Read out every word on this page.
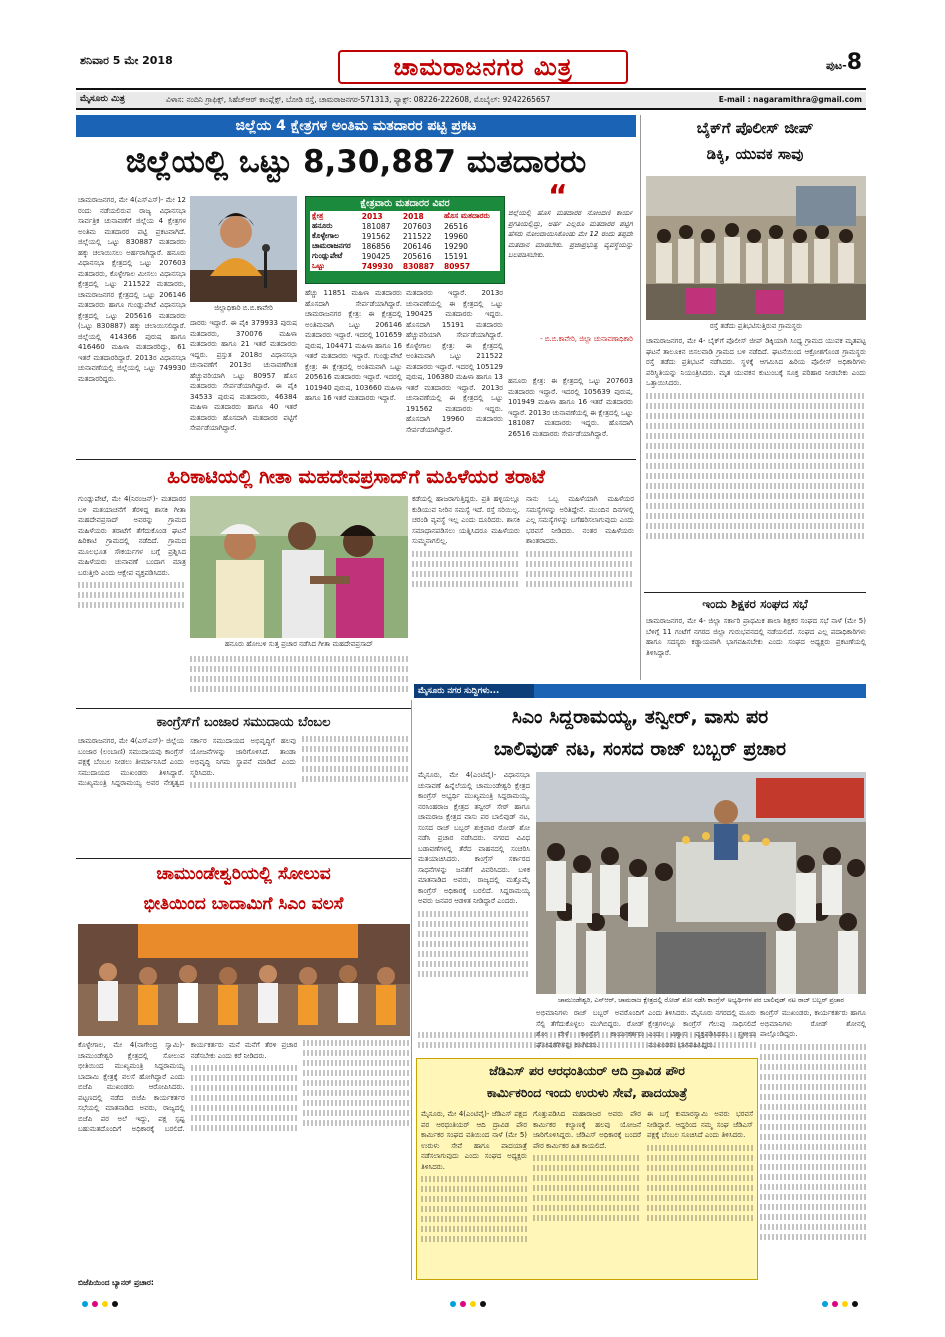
ಶನಿವಾರ 5 ಮೇ 2018	ಚಾಮರಾಜನಗರ ಮಿತ್ರ	ಪುಟ-8
ಮೈಸೂರು ಮಿತ್ರ	ವಿಳಾಸ: ನಂದಿನಿ ಗ್ರಾಫಿಕ್ಸ್, ಸಿಹೆಚ್‌ಆರ್ ಕಾಂಪ್ಲೆಕ್ಸ್, ಬೋಡಿ ರಸ್ತೆ, ಚಾಮರಾಜನಗರ-571313, ಫ್ಯಾಕ್ಸ್: 08226-222608, ಮೊಬೈಲ್: 9242265657	E-mail : nagaramithra@gmail.com
ಜಿಲ್ಲೆಯ 4 ಕ್ಷೇತ್ರಗಳ ಅಂತಿಮ ಮತದಾರರ ಪಟ್ಟಿ ಪ್ರಕಟ
ಜಿಲ್ಲೆಯಲ್ಲಿ ಒಟ್ಟು 8,30,887 ಮತದಾರರು

ಚಾಮರಾಜನಗರ, ಮೇ 4(ಎಸ್‌ಎಸ್)- ಮೇ 12 ರಂದು ನಡೆಯಲಿರುವ ರಾಜ್ಯ ವಿಧಾನಸಭಾ ಸಾರ್ವತ್ರಿಕ ಚುನಾವಣೆಗೆ ಜಿಲ್ಲೆಯ 4 ಕ್ಷೇತ್ರಗಳ ಅಂತಿಮ ಮತದಾರರ ಪಟ್ಟಿ ಪ್ರಕಟವಾಗಿದೆ. ಜಿಲ್ಲೆಯಲ್ಲಿ ಒಟ್ಟು 830887 ಮತದಾರರು ಹಕ್ಕು ಚಲಾಯಿಸಲು ಅರ್ಹರಾಗಿದ್ದಾರೆ. ಹನೂರು ವಿಧಾನಸಭಾ ಕ್ಷೇತ್ರದಲ್ಲಿ ಒಟ್ಟು 207603 ಮತದಾರರು, ಕೊಳ್ಳೇಗಾಲ ಮೀಸಲು ವಿಧಾನಸಭಾ ಕ್ಷೇತ್ರದಲ್ಲಿ ಒಟ್ಟು 211522 ಮತದಾರರು, ಚಾಮರಾಜನಗರ ಕ್ಷೇತ್ರದಲ್ಲಿ ಒಟ್ಟು 206146 ಮತದಾರರು ಹಾಗೂ ಗುಂಡ್ಲುಪೇಟೆ ವಿಧಾನಸಭಾ ಕ್ಷೇತ್ರದಲ್ಲಿ ಒಟ್ಟು 205616 ಮತದಾರರು (ಒಟ್ಟು 830887) ಹಕ್ಕು ಚಲಾಯಿಸಲಿದ್ದಾರೆ. ಜಿಲ್ಲೆಯಲ್ಲಿ 414366 ಪುರುಷ ಹಾಗೂ 416460 ಮಹಿಳಾ ಮತದಾರರಿದ್ದು, 61 ಇತರೆ ಮತದಾರರಿದ್ದಾರೆ. 2013ರ ವಿಧಾನಸಭಾ ಚುನಾವಣೆಯಲ್ಲಿ ಜಿಲ್ಲೆಯಲ್ಲಿ ಒಟ್ಟು 749930 ಮತದಾರರಿದ್ದರು.

ಜಿಲ್ಲಾಧಿಕಾರಿ ಬಿ.ಬಿ.ಕಾವೇರಿ

ದಾರರು ಇದ್ದಾರೆ. ಈ ಪೈಕಿ 379933 ಪುರುಷ ಮತದಾರರು, 370076 ಮಹಿಳಾ ಮತದಾರರು ಹಾಗೂ 21 ಇತರೆ ಮತದಾರರು ಇದ್ದರು. ಪ್ರಸ್ತುತ 2018ರ ವಿಧಾನಸಭಾ ಚುನಾವಣೆಗೆ 2013ರ ಚುನಾವಣೆಗಿಂತ ಹೆಚ್ಚುವರಿಯಾಗಿ ಒಟ್ಟು 80957 ಹೊಸ ಮತದಾರರು ಸೇರ್ಪಡೆಯಾಗಿದ್ದಾರೆ. ಈ ಪೈಕಿ 34533 ಪುರುಷ ಮತದಾರರು, 46384 ಮಹಿಳಾ ಮತದಾರರು ಹಾಗೂ 40 ಇತರೆ ಮತದಾರರು ಹೊಸದಾಗಿ ಮತದಾರರ ಪಟ್ಟಿಗೆ ಸೇರ್ಪಡೆಯಾಗಿದ್ದಾರೆ.

ಕ್ಷೇತ್ರವಾರು ಮತದಾರರ ವಿವರ
ಕ್ಷೇತ್ರ	2013	2018	ಹೊಸ ಮತದಾರರು
ಹನೂರು	181087	207603	26516
ಕೊಳ್ಳೇಗಾಲ	191562	211522	19960
ಚಾಮರಾಜನಗರ	186856	206146	19290
ಗುಂಡ್ಲುಪೇಟೆ	190425	205616	15191
ಒಟ್ಟು	749930	830887	80957

ಹೆಚ್ಚು 11851 ಮಹಿಳಾ ಮತದಾರರು ಹೊಸದಾಗಿ ಸೇರ್ಪಡೆಯಾಗಿದ್ದಾರೆ. ಚಾಮರಾಜನಗರ ಕ್ಷೇತ್ರ: ಈ ಕ್ಷೇತ್ರದಲ್ಲಿ ಅಂತಿಮವಾಗಿ ಒಟ್ಟು 206146 ಮತದಾರರು ಇದ್ದಾರೆ. ಇದರಲ್ಲಿ 101659 ಪುರುಷ, 104471 ಮಹಿಳಾ ಹಾಗೂ 16 ಇತರೆ ಮತದಾರರು ಇದ್ದಾರೆ. ಗುಂಡ್ಲುಪೇಟೆ ಕ್ಷೇತ್ರ: ಈ ಕ್ಷೇತ್ರದಲ್ಲಿ ಅಂತಿಮವಾಗಿ ಒಟ್ಟು 205616 ಮತದಾರರು ಇದ್ದಾರೆ. ಇದರಲ್ಲಿ 101940 ಪುರುಷ, 103660 ಮಹಿಳಾ ಹಾಗೂ 16 ಇತರೆ ಮತದಾರರು ಇದ್ದಾರೆ.

ಮತದಾರರು ಇದ್ದಾರೆ. 2013ರ ಚುನಾವಣೆಯಲ್ಲಿ ಈ ಕ್ಷೇತ್ರದಲ್ಲಿ ಒಟ್ಟು 190425 ಮತದಾರರು ಇದ್ದರು. ಹೊಸದಾಗಿ 15191 ಮತದಾರರು ಹೆಚ್ಚುವರಿಯಾಗಿ ಸೇರ್ಪಡೆಯಾಗಿದ್ದಾರೆ. ಕೊಳ್ಳೇಗಾಲ ಕ್ಷೇತ್ರ: ಈ ಕ್ಷೇತ್ರದಲ್ಲಿ ಅಂತಿಮವಾಗಿ ಒಟ್ಟು 211522 ಮತದಾರರು ಇದ್ದಾರೆ. ಇದರಲ್ಲಿ 105129 ಪುರುಷ, 106380 ಮಹಿಳಾ ಹಾಗೂ 13 ಇತರೆ ಮತದಾರರು ಇದ್ದಾರೆ. 2013ರ ಚುನಾವಣೆಯಲ್ಲಿ ಈ ಕ್ಷೇತ್ರದಲ್ಲಿ ಒಟ್ಟು 191562 ಮತದಾರರು ಇದ್ದರು. ಹೊಸದಾಗಿ 19960 ಮತದಾರರು ಸೇರ್ಪಡೆಯಾಗಿದ್ದಾರೆ.

“

ಜಿಲ್ಲೆಯಲ್ಲಿ ಹೊಸ ಮತದಾರರ ನೋಂದಣಿ ಕಾರ್ಯ ಪ್ರಗತಿಯಲ್ಲಿದ್ದು, ಅರ್ಹ ಎಲ್ಲರೂ ಮತದಾರರ ಪಟ್ಟಿಗೆ ಹೆಸರು ನೋಂದಾಯಿಸಿಕೊಂಡು ಮೇ 12 ರಂದು ತಪ್ಪದೇ ಮತದಾನ ಮಾಡಬೇಕು. ಪ್ರಜಾಪ್ರಭುತ್ವ ವ್ಯವಸ್ಥೆಯನ್ನು ಬಲಪಡಿಸಬೇಕು.

- ಬಿ.ಬಿ.ಕಾವೇರಿ, ಜಿಲ್ಲಾ ಚುನಾವಣಾಧಿಕಾರಿ

ಹನೂರು ಕ್ಷೇತ್ರ: ಈ ಕ್ಷೇತ್ರದಲ್ಲಿ ಒಟ್ಟು 207603 ಮತದಾರರು ಇದ್ದಾರೆ. ಇದರಲ್ಲಿ 105639 ಪುರುಷ, 101949 ಮಹಿಳಾ ಹಾಗೂ 16 ಇತರೆ ಮತದಾರರು ಇದ್ದಾರೆ. 2013ರ ಚುನಾವಣೆಯಲ್ಲಿ ಈ ಕ್ಷೇತ್ರದಲ್ಲಿ ಒಟ್ಟು 181087 ಮತದಾರರು ಇದ್ದರು. ಹೊಸದಾಗಿ 26516 ಮತದಾರರು ಸೇರ್ಪಡೆಯಾಗಿದ್ದಾರೆ.

ಹಿರಿಕಾಟಿಯಲ್ಲಿ ಗೀತಾ ಮಹದೇವಪ್ರಸಾದ್‌ಗೆ ಮಹಿಳೆಯರ ತರಾಟೆ

ಗುಂಡ್ಲುಪೇಟೆ, ಮೇ 4(ನಿರಂಜನ್)- ಮತದಾರರ ಬಳಿ ಮತಯಾಚನೆಗೆ ತೆರಳಿದ್ದ ಶಾಸಕಿ ಗೀತಾ ಮಹದೇವಪ್ರಸಾದ್ ಅವರನ್ನು ಗ್ರಾಮದ ಮಹಿಳೆಯರು ತರಾಟೆಗೆ ತೆಗೆದುಕೊಂಡ ಘಟನೆ ಹಿರಿಕಾಟಿ ಗ್ರಾಮದಲ್ಲಿ ನಡೆದಿದೆ. ಗ್ರಾಮದ ಮೂಲಭೂತ ಸೌಕರ್ಯಗಳ ಬಗ್ಗೆ ಪ್ರಶ್ನಿಸಿದ ಮಹಿಳೆಯರು ಚುನಾವಣೆ ಬಂದಾಗ ಮಾತ್ರ ಬರುತ್ತೀರಿ ಎಂದು ಆಕ್ಷೇಪ ವ್ಯಕ್ತಪಡಿಸಿದರು.

ಹನೂರು ಹೋಬಳಿ ಸುತ್ತ ಪ್ರಚಾರ ನಡೆಸಿದ ಗೀತಾ ಮಹದೇವಪ್ರಸಾದ್

ಕಡೆಯಲ್ಲಿ ಹಾಜರಾಗುತ್ತಿದ್ದರು. ಪ್ರತಿ ಹಳ್ಳಿಯಲ್ಲೂ ಕುಡಿಯುವ ನೀರಿನ ಸಮಸ್ಯೆ ಇದೆ. ರಸ್ತೆ ಸರಿಯಿಲ್ಲ. ಚರಂಡಿ ವ್ಯವಸ್ಥೆ ಇಲ್ಲ ಎಂದು ದೂರಿದರು. ಶಾಸಕಿ ಸಮಾಧಾನಪಡಿಸಲು ಯತ್ನಿಸಿದರೂ ಮಹಿಳೆಯರು ಸುಮ್ಮನಾಗಲಿಲ್ಲ.

ನಾನು ಒಬ್ಬ ಮಹಿಳೆಯಾಗಿ ಮಹಿಳೆಯರ ಸಮಸ್ಯೆಗಳನ್ನು ಅರಿತಿದ್ದೇನೆ. ಮುಂದಿನ ದಿನಗಳಲ್ಲಿ ಎಲ್ಲ ಸಮಸ್ಯೆಗಳನ್ನು ಬಗೆಹರಿಸಲಾಗುವುದು ಎಂದು ಭರವಸೆ ನೀಡಿದರು. ನಂತರ ಮಹಿಳೆಯರು ಶಾಂತರಾದರು.

ಕಾಂಗ್ರೆಸ್‌ಗೆ ಬಂಜಾರ ಸಮುದಾಯ ಬೆಂಬಲ

ಚಾಮರಾಜನಗರ, ಮೇ 4(ಎಸ್‌ಎಸ್)- ಜಿಲ್ಲೆಯ ಬಂಜಾರ (ಲಂಬಾಣಿ) ಸಮುದಾಯವು ಕಾಂಗ್ರೆಸ್ ಪಕ್ಷಕ್ಕೆ ಬೆಂಬಲ ನೀಡಲು ತೀರ್ಮಾನಿಸಿದೆ ಎಂದು ಸಮುದಾಯದ ಮುಖಂಡರು ತಿಳಿಸಿದ್ದಾರೆ. ಮುಖ್ಯಮಂತ್ರಿ ಸಿದ್ದರಾಮಯ್ಯ ಅವರ ನೇತೃತ್ವದ ಸರ್ಕಾರ ಸಮುದಾಯದ ಅಭಿವೃದ್ಧಿಗೆ ಹಲವು ಯೋಜನೆಗಳನ್ನು ಜಾರಿಗೊಳಿಸಿದೆ. ತಾಂಡಾ ಅಭಿವೃದ್ಧಿ ನಿಗಮ ಸ್ಥಾಪನೆ ಮಾಡಿದೆ ಎಂದು ಸ್ಮರಿಸಿದರು.

ಚಾಮುಂಡೇಶ್ವರಿಯಲ್ಲಿ ಸೋಲುವ
ಭೀತಿಯಿಂದ ಬಾದಾಮಿಗೆ ಸಿಎಂ ವಲಸೆ

ಕೊಳ್ಳೇಗಾಲ, ಮೇ 4(ನಾಗೇಂದ್ರ ಸ್ವಾಮಿ)- ಚಾಮುಂಡೇಶ್ವರಿ ಕ್ಷೇತ್ರದಲ್ಲಿ ಸೋಲುವ ಭೀತಿಯಿಂದ ಮುಖ್ಯಮಂತ್ರಿ ಸಿದ್ದರಾಮಯ್ಯ ಬಾದಾಮಿ ಕ್ಷೇತ್ರಕ್ಕೆ ವಲಸೆ ಹೋಗಿದ್ದಾರೆ ಎಂದು ಬಿಜೆಪಿ ಮುಖಂಡರು ಆರೋಪಿಸಿದರು. ಪಟ್ಟಣದಲ್ಲಿ ನಡೆದ ಬಿಜೆಪಿ ಕಾರ್ಯಕರ್ತರ ಸಭೆಯಲ್ಲಿ ಮಾತನಾಡಿದ ಅವರು, ರಾಜ್ಯದಲ್ಲಿ ಬಿಜೆಪಿ ಪರ ಅಲೆ ಇದ್ದು, ಪಕ್ಷ ಸ್ಪಷ್ಟ ಬಹುಮತದೊಂದಿಗೆ ಅಧಿಕಾರಕ್ಕೆ ಬರಲಿದೆ. ಕಾರ್ಯಕರ್ತರು ಮನೆ ಮನೆಗೆ ತೆರಳಿ ಪ್ರಚಾರ ನಡೆಸಬೇಕು ಎಂದು ಕರೆ ನೀಡಿದರು.

ಬಿಜೆಪಿಯಿಂದ ಬ್ಯಾನರ್ ಪ್ರಚಾರ:
ಬೈಕ್‌ಗೆ ಪೊಲೀಸ್ ಜೀಪ್
ಡಿಕ್ಕಿ, ಯುವಕ ಸಾವು
ರಸ್ತೆ ತಡೆದು ಪ್ರತಿಭಟಿಸುತ್ತಿರುವ ಗ್ರಾಮಸ್ಥರು

ಚಾಮರಾಜನಗರ, ಮೇ 4- ಬೈಕ್‌ಗೆ ಪೊಲೀಸ್ ಜೀಪ್ ಡಿಕ್ಕಿಯಾಗಿ ಸಿಂಧ್ಯ ಗ್ರಾಮದ ಯುವಕ ಮೃತಪಟ್ಟ ಘಟನೆ ತಾಲೂಕಿನ ಬಿಸಲವಾಡಿ ಗ್ರಾಮದ ಬಳಿ ನಡೆದಿದೆ. ಘಟನೆಯಿಂದ ಆಕ್ರೋಶಗೊಂಡ ಗ್ರಾಮಸ್ಥರು ರಸ್ತೆ ತಡೆದು ಪ್ರತಿಭಟನೆ ನಡೆಸಿದರು. ಸ್ಥಳಕ್ಕೆ ಆಗಮಿಸಿದ ಹಿರಿಯ ಪೊಲೀಸ್ ಅಧಿಕಾರಿಗಳು ಪರಿಸ್ಥಿತಿಯನ್ನು ನಿಯಂತ್ರಿಸಿದರು. ಮೃತ ಯುವಕನ ಕುಟುಂಬಕ್ಕೆ ಸೂಕ್ತ ಪರಿಹಾರ ನೀಡಬೇಕು ಎಂದು ಒತ್ತಾಯಿಸಿದರು.

ಇಂದು ಶಿಕ್ಷಕರ ಸಂಘದ ಸಭೆ

ಚಾಮರಾಜನಗರ, ಮೇ 4- ಜಿಲ್ಲಾ ಸರ್ಕಾರಿ ಪ್ರಾಥಮಿಕ ಶಾಲಾ ಶಿಕ್ಷಕರ ಸಂಘದ ಸಭೆ ನಾಳೆ (ಮೇ 5) ಬೆಳಿಗ್ಗೆ 11 ಗಂಟೆಗೆ ನಗರದ ಜಿಲ್ಲಾ ಗುರುಭವನದಲ್ಲಿ ನಡೆಯಲಿದೆ. ಸಂಘದ ಎಲ್ಲ ಪದಾಧಿಕಾರಿಗಳು ಹಾಗೂ ಸದಸ್ಯರು ಕಡ್ಡಾಯವಾಗಿ ಭಾಗವಹಿಸಬೇಕು ಎಂದು ಸಂಘದ ಅಧ್ಯಕ್ಷರು ಪ್ರಕಟಣೆಯಲ್ಲಿ ತಿಳಿಸಿದ್ದಾರೆ.

ಮೈಸೂರು ನಗರ ಸುದ್ದಿಗಳು...
ಸಿಎಂ ಸಿದ್ದರಾಮಯ್ಯ, ತನ್ವೀರ್, ವಾಸು ಪರ
ಬಾಲಿವುಡ್ ನಟ, ಸಂಸದ ರಾಜ್ ಬಬ್ಬರ್ ಪ್ರಚಾರ

ಮೈಸೂರು, ಮೇ 4(ಎಂಟಿವೈ)- ವಿಧಾನಸಭಾ ಚುನಾವಣೆ ಹಿನ್ನೆಲೆಯಲ್ಲಿ ಚಾಮುಂಡೇಶ್ವರಿ ಕ್ಷೇತ್ರದ ಕಾಂಗ್ರೆಸ್ ಅಭ್ಯರ್ಥಿ ಮುಖ್ಯಮಂತ್ರಿ ಸಿದ್ದರಾಮಯ್ಯ, ನರಸಿಂಹರಾಜ ಕ್ಷೇತ್ರದ ತನ್ವೀರ್ ಸೇಠ್ ಹಾಗೂ ಚಾಮರಾಜ ಕ್ಷೇತ್ರದ ವಾಸು ಪರ ಬಾಲಿವುಡ್ ನಟ, ಸಂಸದ ರಾಜ್ ಬಬ್ಬರ್ ಶುಕ್ರವಾರ ರೋಡ್ ಶೋ ನಡೆಸಿ ಪ್ರಚಾರ ನಡೆಸಿದರು. ನಗರದ ವಿವಿಧ ಬಡಾವಣೆಗಳಲ್ಲಿ ತೆರೆದ ವಾಹನದಲ್ಲಿ ಸಂಚರಿಸಿ ಮತಯಾಚಿಸಿದರು. ಕಾಂಗ್ರೆಸ್ ಸರ್ಕಾರದ ಸಾಧನೆಗಳನ್ನು ಜನತೆಗೆ ವಿವರಿಸಿದರು. ಬಳಿಕ ಮಾತನಾಡಿದ ಅವರು, ರಾಜ್ಯದಲ್ಲಿ ಮತ್ತೊಮ್ಮೆ ಕಾಂಗ್ರೆಸ್ ಅಧಿಕಾರಕ್ಕೆ ಬರಲಿದೆ. ಸಿದ್ದರಾಮಯ್ಯ ಅವರು ಜನಪರ ಆಡಳಿತ ನೀಡಿದ್ದಾರೆ ಎಂದರು.

ಚಾಮುಂಡೇಶ್ವರಿ, ಎನ್‌ಆರ್, ಚಾಮರಾಜ ಕ್ಷೇತ್ರದಲ್ಲಿ ರೋಡ್ ಶೋ ನಡೆಸಿ ಕಾಂಗ್ರೆಸ್ ಅಭ್ಯರ್ಥಿಗಳ ಪರ ಬಾಲಿವುಡ್ ನಟ ರಾಜ್ ಬಬ್ಬರ್ ಪ್ರಚಾರ

ಅಭಿಮಾನಿಗಳು ರಾಜ್ ಬಬ್ಬರ್ ಅವರೊಂದಿಗೆ ಸೆಲ್ಫಿ ತೆಗೆದುಕೊಳ್ಳಲು ಮುಗಿಬಿದ್ದರು. ರೋಡ್ ಶೋ ವೇಳೆ ಕಾಂಗ್ರೆಸ್ ಕಾರ್ಯಕರ್ತರು ಘೋಷಣೆಗಳನ್ನು ಕೂಗಿದರು.

ಎಂದು ತಿಳಿಸಿದರು. ಮೈಸೂರು ನಗರದಲ್ಲಿ ಮೂರು ಕ್ಷೇತ್ರಗಳಲ್ಲೂ ಕಾಂಗ್ರೆಸ್ ಗೆಲುವು ಸಾಧಿಸಲಿದೆ ಎಂದು ವಿಶ್ವಾಸ ವ್ಯಕ್ತಪಡಿಸಿದರು. ಸ್ಥಳೀಯ ಮುಖಂಡರು ಭಾಗವಹಿಸಿದ್ದರು.

ಕಾಂಗ್ರೆಸ್ ಮುಖಂಡರು, ಕಾರ್ಯಕರ್ತರು ಹಾಗೂ ಅಭಿಮಾನಿಗಳು ರೋಡ್ ಶೋನಲ್ಲಿ ಪಾಲ್ಗೊಂಡಿದ್ದರು.

ಜೆಡಿಎಸ್ ಪರ ಆರಧಂತಿಯರ್ ಆದಿ ದ್ರಾವಿಡ ಪೌರ
ಕಾರ್ಮಿಕರಿಂದ ಇಂದು ಉರುಳು ಸೇವೆ, ಪಾದಯಾತ್ರೆ

ಮೈಸೂರು, ಮೇ 4(ಎಂಟಿವೈ)- ಜೆಡಿಎಸ್ ಪಕ್ಷದ ಪರ ಆರಧಂತಿಯರ್ ಆದಿ ದ್ರಾವಿಡ ಪೌರ ಕಾರ್ಮಿಕರ ಸಂಘದ ವತಿಯಿಂದ ನಾಳೆ (ಮೇ 5) ಉರುಳು ಸೇವೆ ಹಾಗೂ ಪಾದಯಾತ್ರೆ ನಡೆಸಲಾಗುವುದು ಎಂದು ಸಂಘದ ಅಧ್ಯಕ್ಷರು ತಿಳಿಸಿದರು.

ಗೊತ್ತುಪಡಿಸಿದ ಮಹಾರಾಜರ ಅವರು ಪೌರ ಕಾರ್ಮಿಕರ ಕಲ್ಯಾಣಕ್ಕೆ ಹಲವು ಯೋಜನೆ ಜಾರಿಗೊಳಿಸಿದ್ದರು. ಜೆಡಿಎಸ್ ಅಧಿಕಾರಕ್ಕೆ ಬಂದರೆ ಪೌರ ಕಾರ್ಮಿಕರ ಹಿತ ಕಾಯಲಿದೆ.

ಈ ಬಗ್ಗೆ ಕುಮಾರಸ್ವಾಮಿ ಅವರು ಭರವಸೆ ನೀಡಿದ್ದಾರೆ. ಆದ್ದರಿಂದ ನಮ್ಮ ಸಂಘ ಜೆಡಿಎಸ್ ಪಕ್ಷಕ್ಕೆ ಬೆಂಬಲ ಸೂಚಿಸಿದೆ ಎಂದು ತಿಳಿಸಿದರು.
